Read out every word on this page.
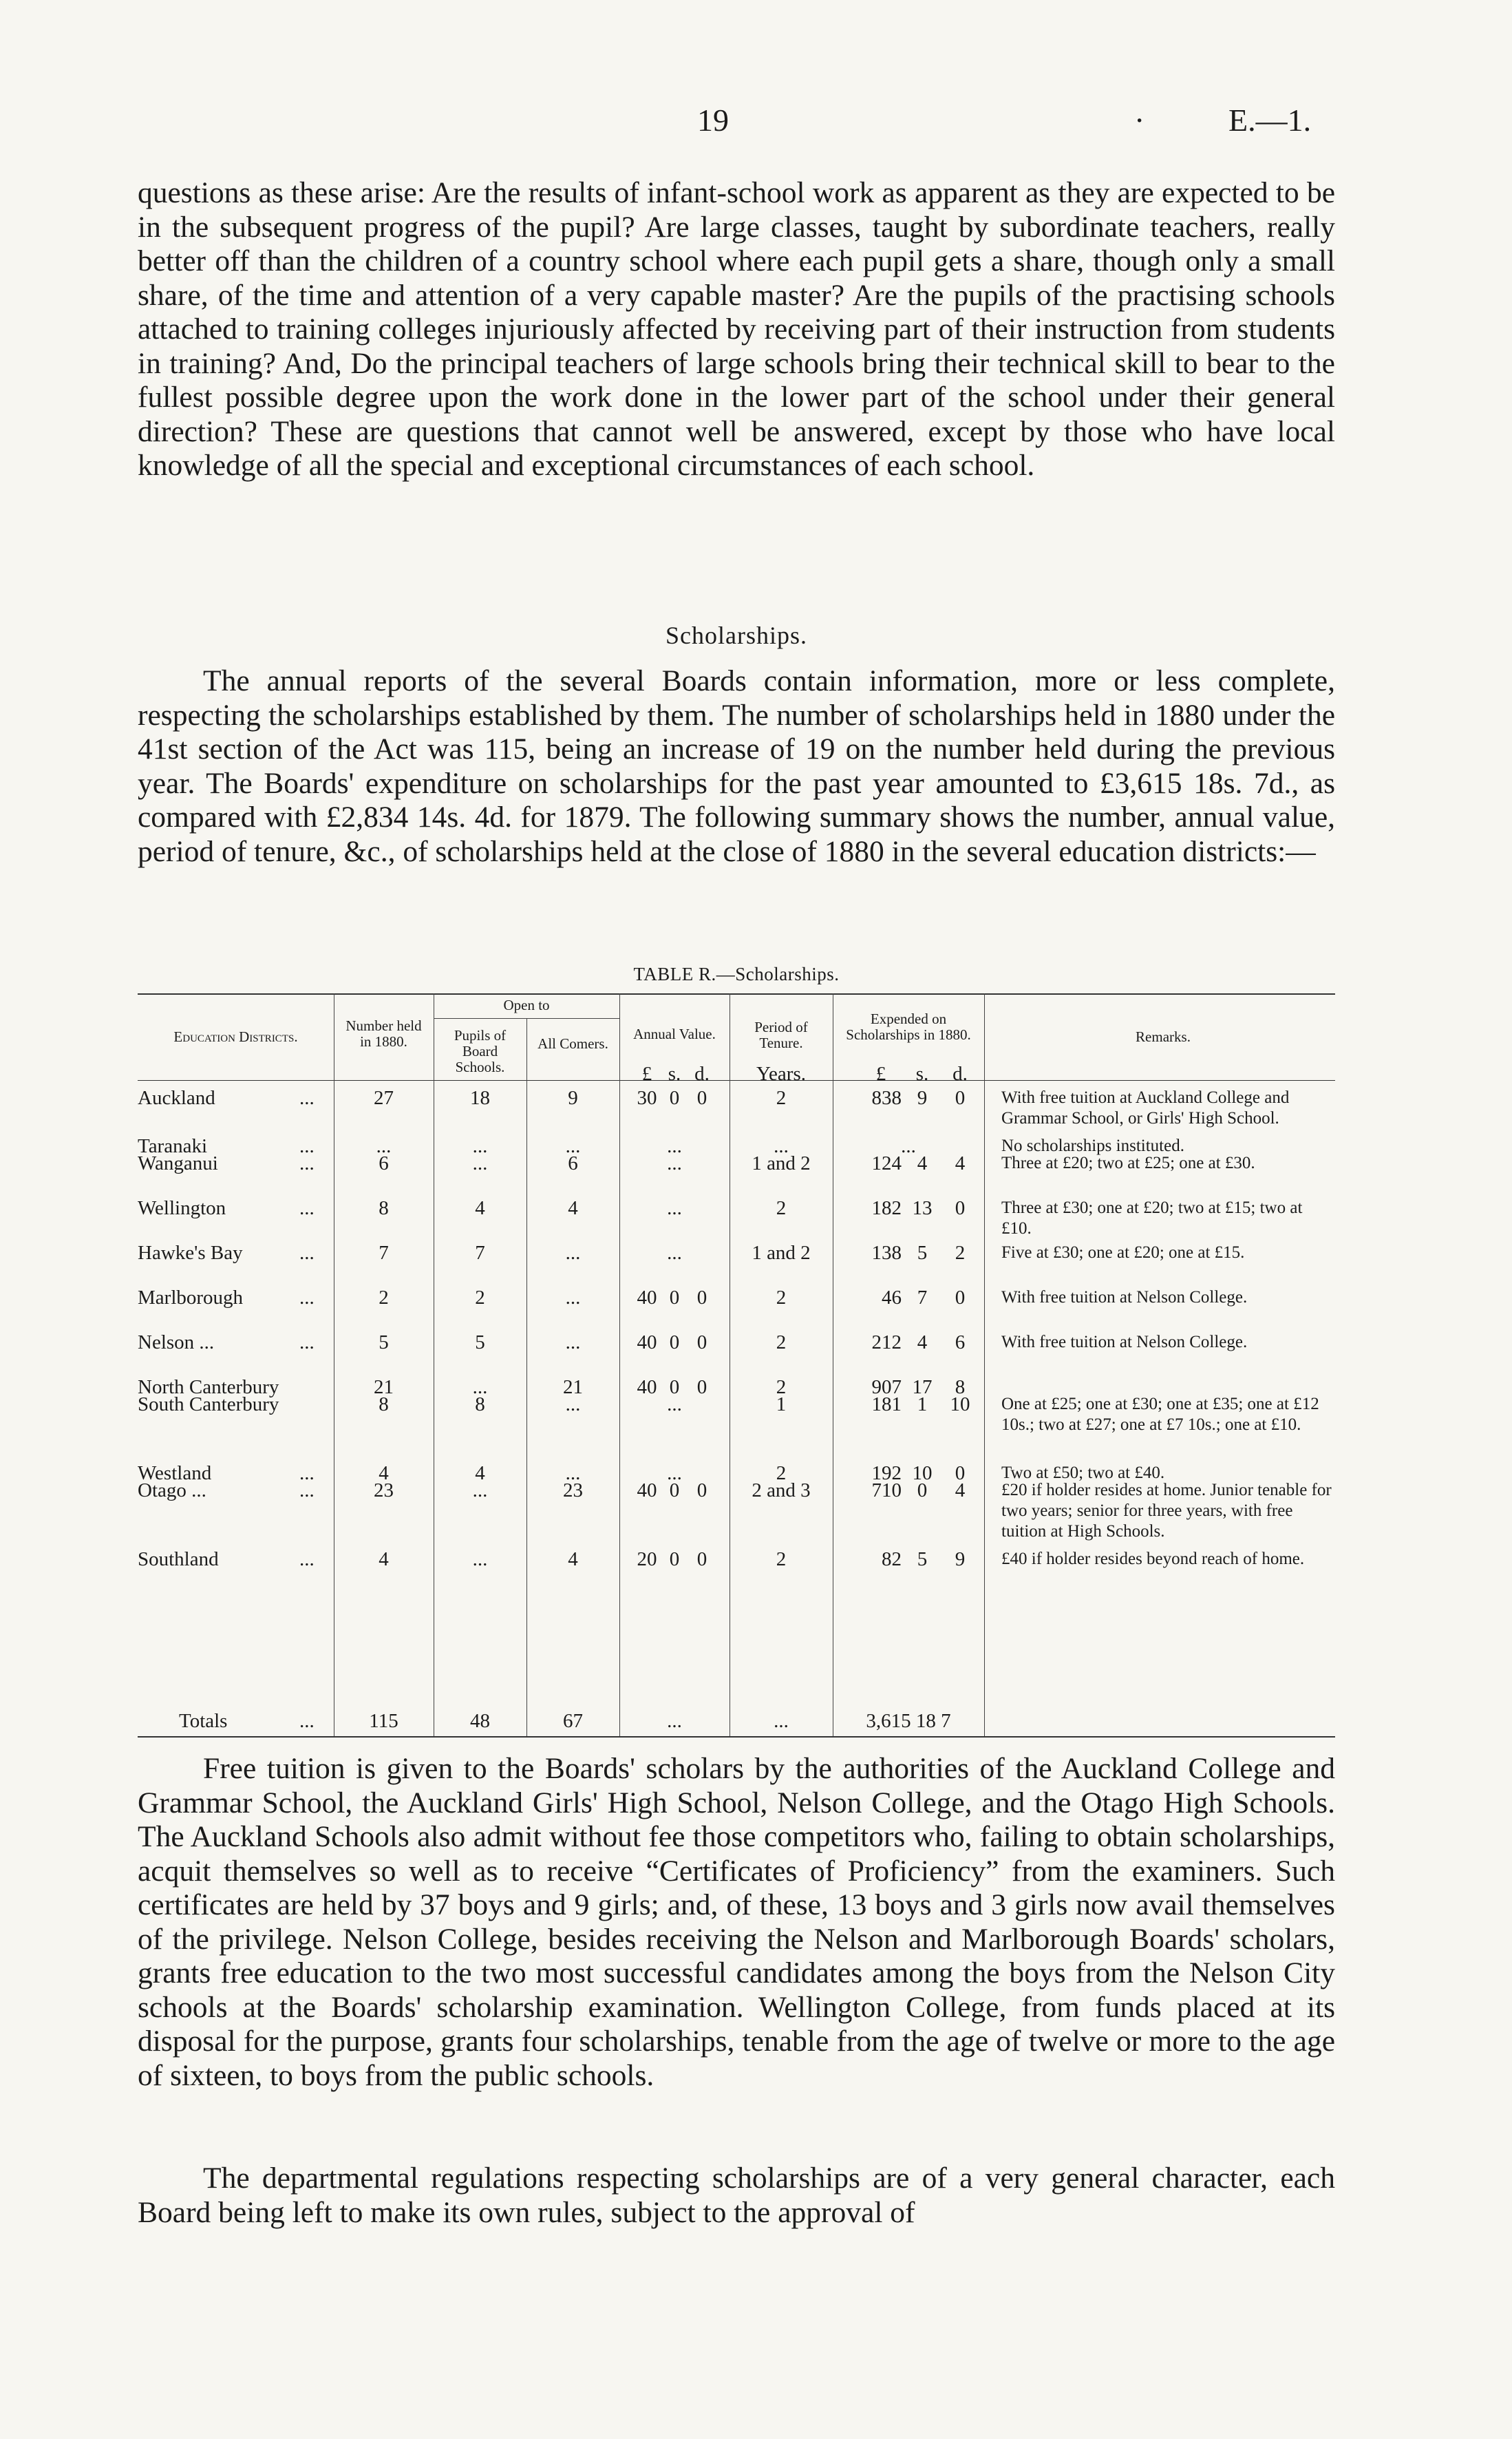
19	·	E.—1.

questions as these arise: Are the results of infant-school work as apparent as they are expected to be in the subsequent progress of the pupil? Are large classes, taught by subordinate teachers, really better off than the children of a country school where each pupil gets a share, though only a small share, of the time and attention of a very capable master? Are the pupils of the practising schools attached to training colleges injuriously affected by receiving part of their instruction from students in training? And, Do the principal teachers of large schools bring their technical skill to bear to the fullest possible degree upon the work done in the lower part of the school under their general direction? These are questions that cannot well be answered, except by those who have local knowledge of all the special and exceptional circumstances of each school.

Scholarships.

The annual reports of the several Boards contain information, more or less complete, respecting the scholarships established by them. The number of scholarships held in 1880 under the 41st section of the Act was 115, being an increase of 19 on the number held during the previous year. The Boards' expenditure on scholarships for the past year amounted to £3,615 18s. 7d., as compared with £2,834 14s. 4d. for 1879. The following summary shows the number, annual value, period of tenure, &c., of scholarships held at the close of 1880 in the several education districts:—

TABLE R.—Scholarships.
Education Districts.
Number held in 1880.
Open to
Pupils of Board Schools.
All Comers.
Annual Value.	Period of Tenure.
Expended on Scholarships in 1880.	Remarks.
£ s. d.	Years.	£	s.	d.
Auckland	...	27	18	9	30 0 0	2	838 9	0	With free tuition at Auckland College and Grammar School, or Girls' High School.
Taranaki	...	...	...	...	...	...	...	No scholarships instituted.
Wanganui	...	6	...	6	...	1 and 2	124 4	4	Three at £20; two at £25; one at £30.
Wellington	...	8	4	4	...	2	182 13	0	Three at £30; one at £20; two at £15; two at £10.
Hawke's Bay	...	7	7	...	...	1 and 2	138 5	2	Five at £30; one at £20; one at £15.
Marlborough	...	2	2	...	40 0 0	2	46 7	0	With free tuition at Nelson College.
Nelson ...	...	5	5	...	40 0 0	2	212 4	6	With free tuition at Nelson College.
North Canterbury	21	...	21	40 0 0	2	907 17	8
South Canterbury	8	8	...	...	1	181 1	10	One at £25; one at £30; one at £35; one at £12 10s.; two at £27; one at £7 10s.; one at £10.
Westland	...	4	4	...	...	2	192 10	0	Two at £50; two at £40.
Otago ...	...	23	...	23	40 0 0	2 and 3	710 0	4	£20 if holder resides at home. Junior tenable for two years; senior for three years, with free tuition at High Schools.
Southland	...	4	...	4	20 0 0	2	82 5	9	£40 if holder resides beyond reach of home.
Totals	...	115	48	67	...	...	3,615 18 7

Free tuition is given to the Boards' scholars by the authorities of the Auckland College and Grammar School, the Auckland Girls' High School, Nelson College, and the Otago High Schools. The Auckland Schools also admit without fee those competitors who, failing to obtain scholarships, acquit themselves so well as to receive “Certificates of Proficiency” from the examiners. Such certificates are held by 37 boys and 9 girls; and, of these, 13 boys and 3 girls now avail themselves of the privilege. Nelson College, besides receiving the Nelson and Marlborough Boards' scholars, grants free education to the two most successful candidates among the boys from the Nelson City schools at the Boards' scholarship examination. Wellington College, from funds placed at its disposal for the purpose, grants four scholarships, tenable from the age of twelve or more to the age of sixteen, to boys from the public schools.

The departmental regulations respecting scholarships are of a very general character, each Board being left to make its own rules, subject to the approval of
